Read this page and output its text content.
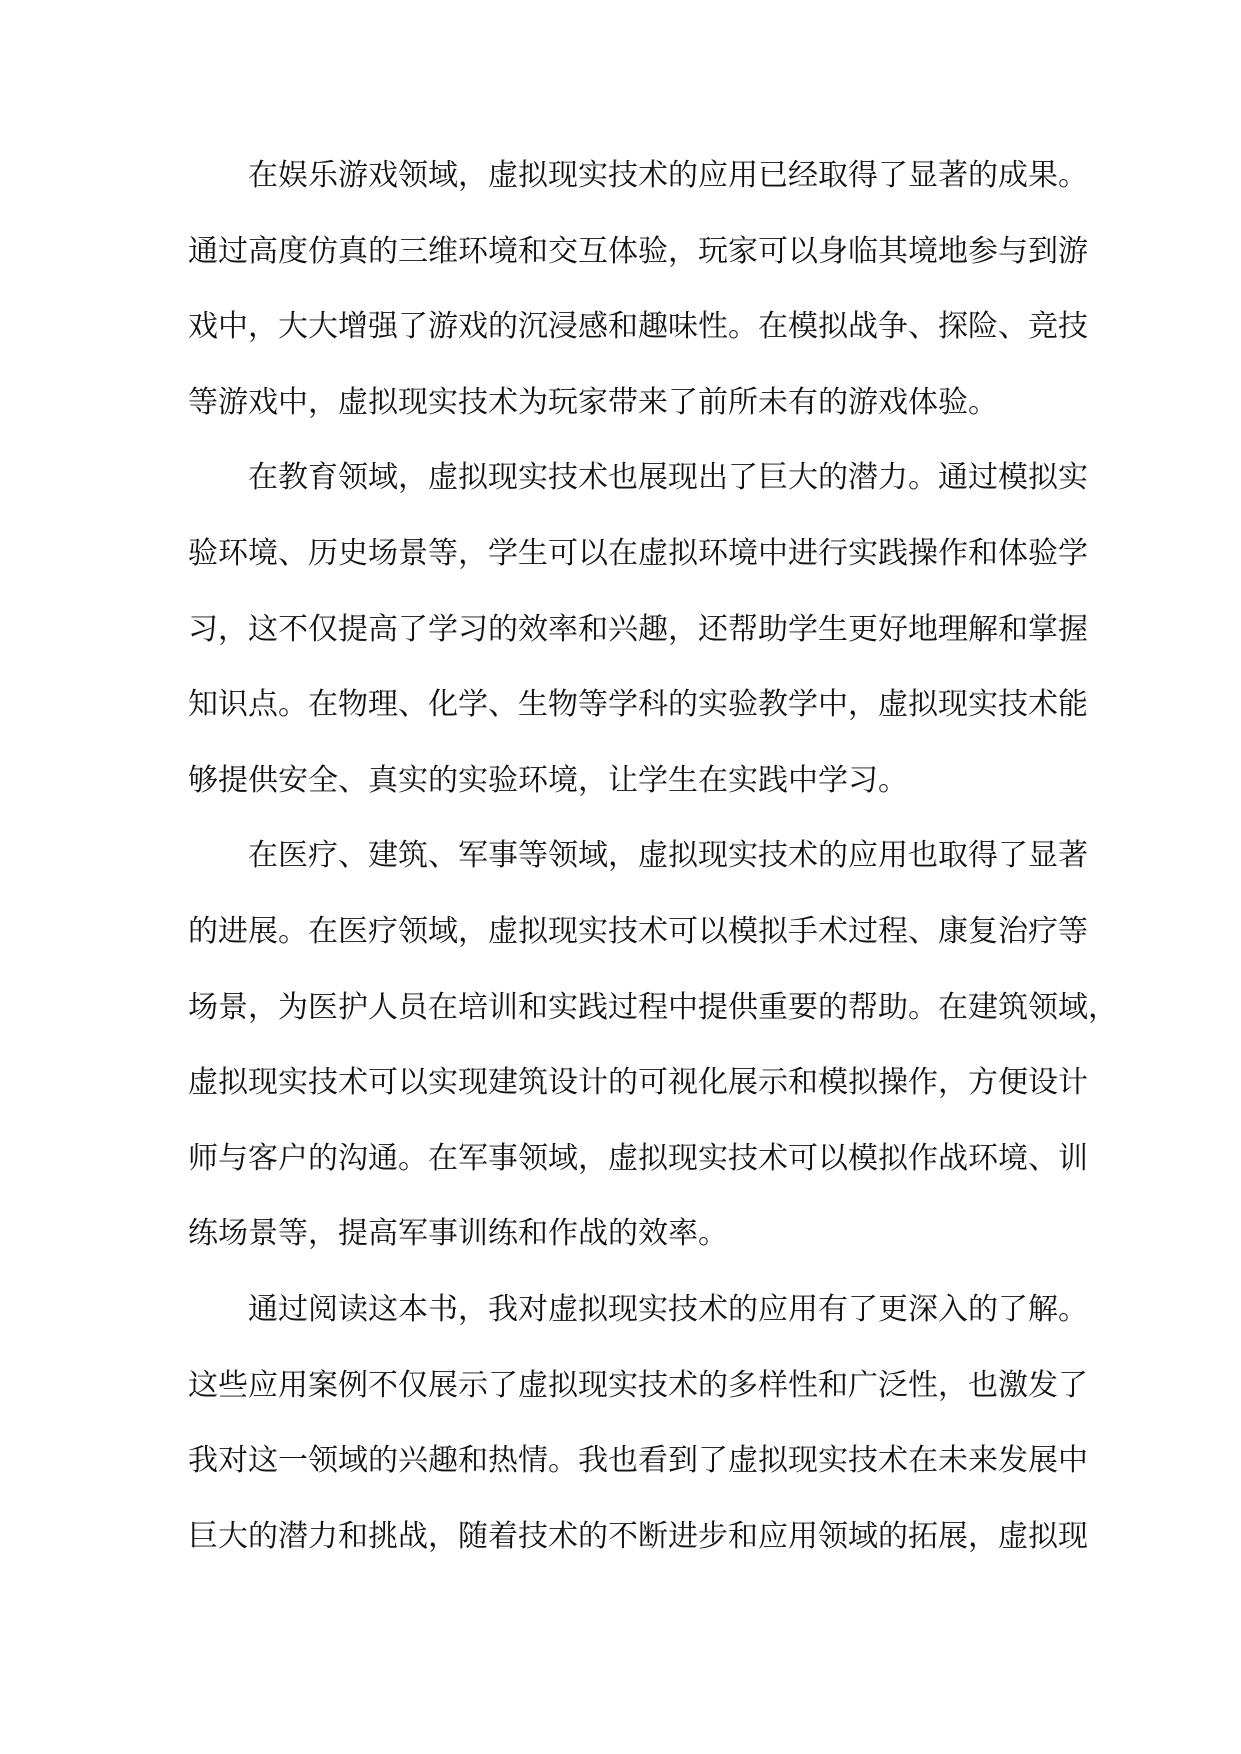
在娱乐游戏领域，虚拟现实技术的应用已经取得了显著的成果。
通过高度仿真的三维环境和交互体验，玩家可以身临其境地参与到游
戏中，大大增强了游戏的沉浸感和趣味性。在模拟战争、探险、竞技
等游戏中，虚拟现实技术为玩家带来了前所未有的游戏体验。
在教育领域，虚拟现实技术也展现出了巨大的潜力。通过模拟实
验环境、历史场景等，学生可以在虚拟环境中进行实践操作和体验学
习，这不仅提高了学习的效率和兴趣，还帮助学生更好地理解和掌握
知识点。在物理、化学、生物等学科的实验教学中，虚拟现实技术能
够提供安全、真实的实验环境，让学生在实践中学习。
在医疗、建筑、军事等领域，虚拟现实技术的应用也取得了显著
的进展。在医疗领域，虚拟现实技术可以模拟手术过程、康复治疗等
场景，为医护人员在培训和实践过程中提供重要的帮助。在建筑领域，
虚拟现实技术可以实现建筑设计的可视化展示和模拟操作，方便设计
师与客户的沟通。在军事领域，虚拟现实技术可以模拟作战环境、训
练场景等，提高军事训练和作战的效率。
通过阅读这本书，我对虚拟现实技术的应用有了更深入的了解。
这些应用案例不仅展示了虚拟现实技术的多样性和广泛性，也激发了
我对这一领域的兴趣和热情。我也看到了虚拟现实技术在未来发展中
巨大的潜力和挑战，随着技术的不断进步和应用领域的拓展，虚拟现
